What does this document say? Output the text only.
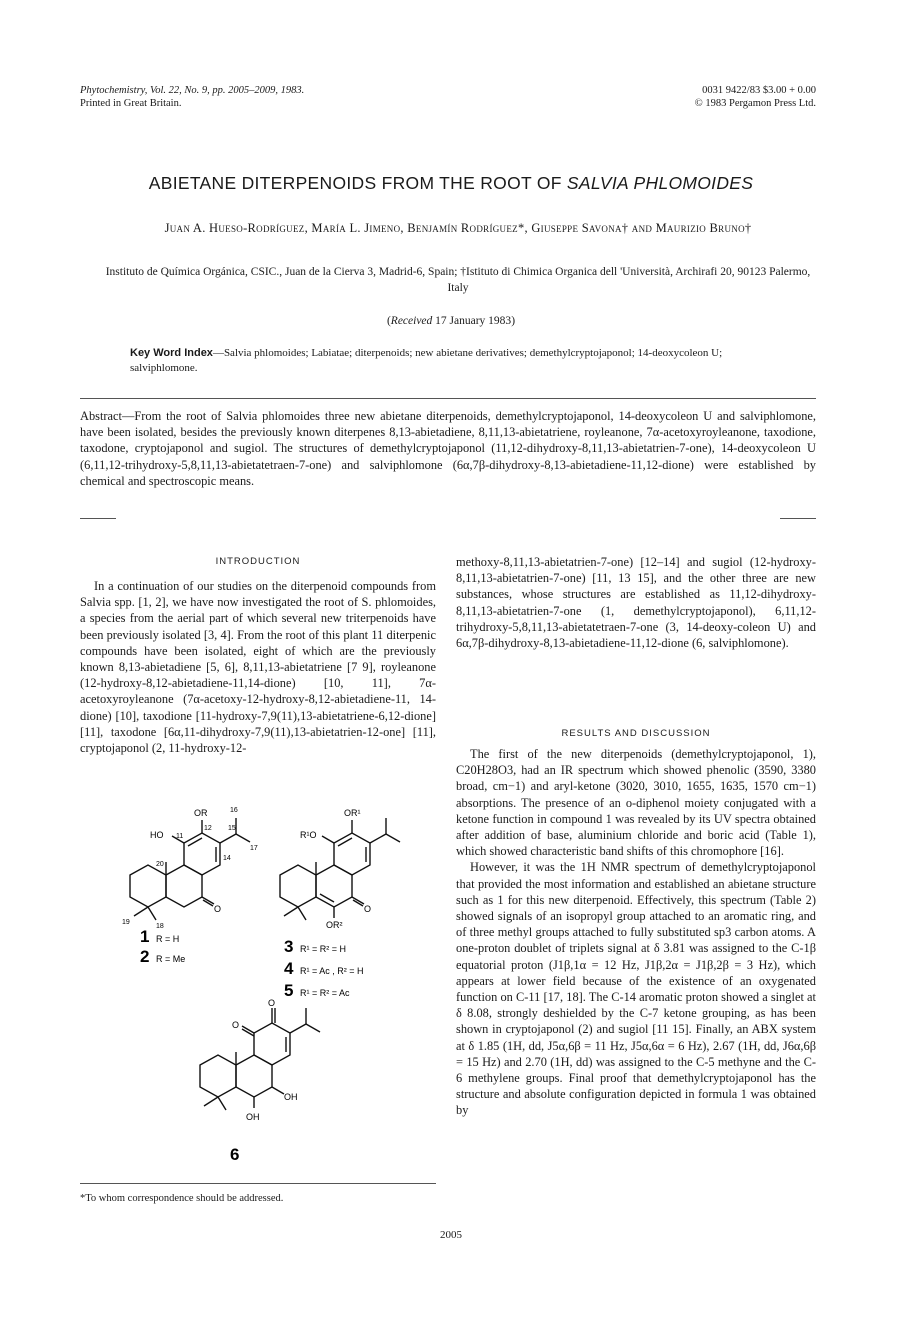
Phytochemistry, Vol. 22, No. 9, pp. 2005–2009, 1983.
Printed in Great Britain.
0031 9422/83 $3.00 + 0.00
© 1983 Pergamon Press Ltd.
ABIETANE DITERPENOIDS FROM THE ROOT OF SALVIA PHLOMOIDES
Juan A. Hueso-Rodríguez, María L. Jimeno, Benjamín Rodríguez*, Giuseppe Savona† and Maurizio Bruno†
Instituto de Química Orgánica, CSIC., Juan de la Cierva 3, Madrid-6, Spain; †Istituto di Chimica Organica dell 'Università, Archirafi 20, 90123 Palermo, Italy
(Received 17 January 1983)
Key Word Index—Salvia phlomoides; Labiatae; diterpenoids; new abietane derivatives; demethylcryptojaponol; 14-deoxycoleon U; salviphlomone.
Abstract—From the root of Salvia phlomoides three new abietane diterpenoids, demethylcryptojaponol, 14-deoxycoleon U and salviphlomone, have been isolated, besides the previously known diterpenes 8,13-abietadiene, 8,11,13-abietatriene, royleanone, 7α-acetoxyroyleanone, taxodione, taxodone, cryptojaponol and sugiol. The structures of demethylcryptojaponol (11,12-dihydroxy-8,11,13-abietatrien-7-one), 14-deoxycoleon U (6,11,12-trihydroxy-5,8,11,13-abietatetraen-7-one) and salviphlomone (6α,7β-dihydroxy-8,13-abietadiene-11,12-dione) were established by chemical and spectroscopic means.
INTRODUCTION

In a continuation of our studies on the diterpenoid compounds from Salvia spp. [1, 2], we have now investigated the root of S. phlomoides, a species from the aerial part of which several new triterpenoids have been previously isolated [3, 4]. From the root of this plant 11 diterpenic compounds have been isolated, eight of which are the previously known 8,13-abietadiene [5, 6], 8,11,13-abietatriene [7 9], royleanone (12-hydroxy-8,12-abietadiene-11,14-dione) [10, 11], 7α-acetoxyroyleanone (7α-acetoxy-12-hydroxy-8,12-abietadiene-11, 14-dione) [10], taxodione [11-hydroxy-7,9(11),13-abietatriene-6,12-dione] [11], taxodone [6α,11-dihydroxy-7,9(11),13-abietatrien-12-one] [11], cryptojaponol (2, 11-hydroxy-12-

methoxy-8,11,13-abietatrien-7-one) [12–14] and sugiol (12-hydroxy-8,11,13-abietatrien-7-one) [11, 13 15], and the other three are new substances, whose structures are established as 11,12-dihydroxy-8,11,13-abietatrien-7-one (1, demethylcryptojaponol), 6,11,12-trihydroxy-5,8,11,13-abietatetraen-7-one (3, 14-deoxy-coleon U) and 6α,7β-dihydroxy-8,13-abietadiene-11,12-dione (6, salviphlomone).

RESULTS AND DISCUSSION

The first of the new diterpenoids (demethylcryptojaponol, 1), C20H28O3, had an IR spectrum which showed phenolic (3590, 3380 broad, cm−1) and aryl-ketone (3020, 3010, 1655, 1635, 1570 cm−1) absorptions. The presence of an o-diphenol moiety conjugated with a ketone function in compound 1 was revealed by its UV spectra obtained after addition of base, aluminium chloride and boric acid (Table 1), which showed characteristic band shifts of this chromophore [16].

However, it was the 1H NMR spectrum of demethylcryptojaponol that provided the most information and established an abietane structure such as 1 for this new diterpenoid. Effectively, this spectrum (Table 2) showed signals of an isopropyl group attached to an aromatic ring, and of three methyl groups attached to fully substituted sp3 carbon atoms. A one-proton doublet of triplets signal at δ 3.81 was assigned to the C-1β equatorial proton (J1β,1α = 12 Hz, J1β,2α = J1β,2β = 3 Hz), which appears at lower field because of the existence of an oxygenated function on C-11 [17, 18]. The C-14 aromatic proton showed a singlet at δ 8.08, strongly deshielded by the C-7 ketone grouping, as has been shown in cryptojaponol (2) and sugiol [11 15]. Finally, an ABX system at δ 1.85 (1H, dd, J5α,6β = 11 Hz, J5α,6α = 6 Hz), 2.67 (1H, dd, J6α,6β = 15 Hz) and 2.70 (1H, dd) was assigned to the C-5 methyne and the C-6 methylene groups. Final proof that demethylcryptojaponol has the structure and absolute configuration depicted in formula 1 was obtained by

OR
HO
16
17
15
11
12
14
20
O
19
18
1 R = H
2 R = Me
OR¹
R¹O
OR²
O
3 R¹ = R² = H
4 R¹ = Ac , R² = H
5 R¹ = R² = Ac
O
O
OH
OH
6
*To whom correspondence should be addressed.
2005
